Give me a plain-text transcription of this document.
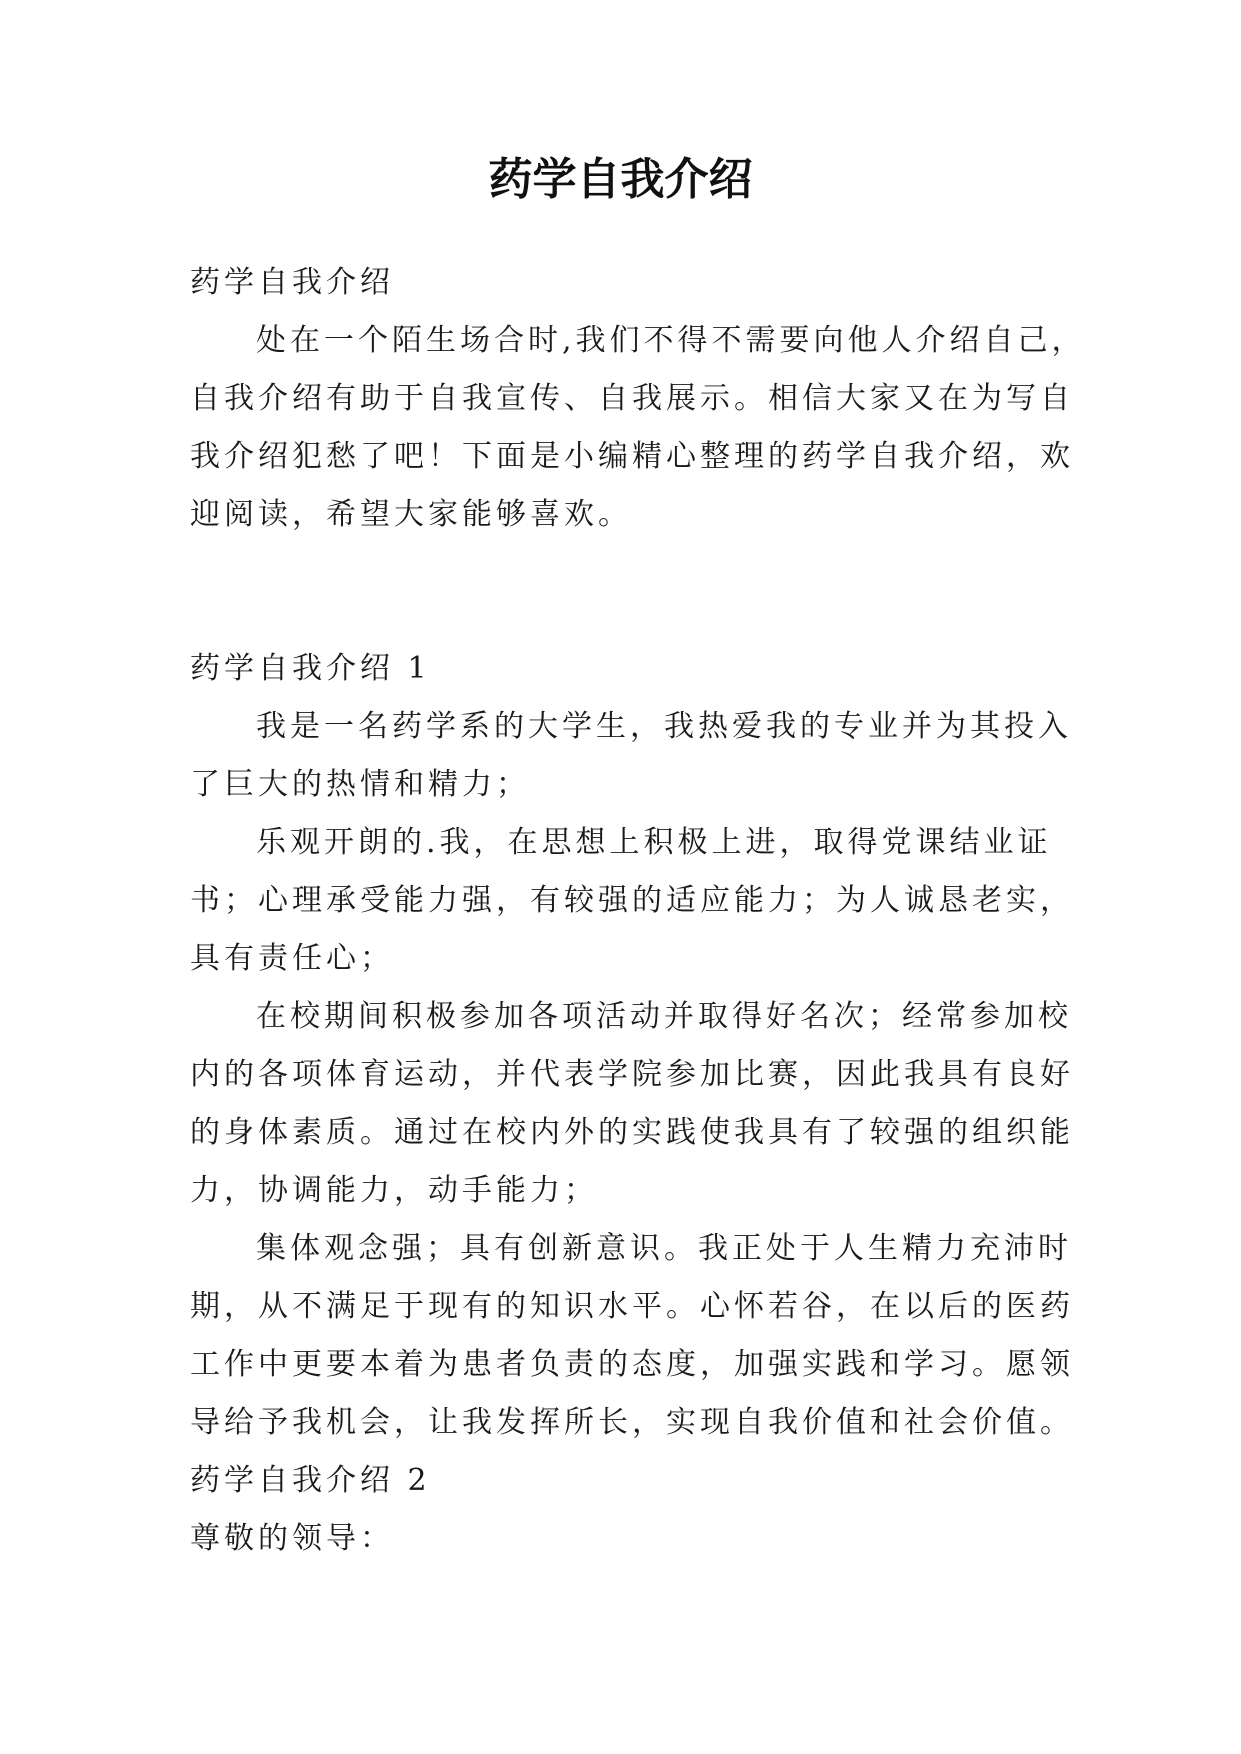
药学自我介绍
药学自我介绍
处在一个陌生场合时,我们不得不需要向他人介绍自己，
自我介绍有助于自我宣传、自我展示。相信大家又在为写自
我介绍犯愁了吧！下面是小编精心整理的药学自我介绍，欢
迎阅读，希望大家能够喜欢。
药学自我介绍 1
我是一名药学系的大学生，我热爱我的专业并为其投入
了巨大的热情和精力；
乐观开朗的.我，在思想上积极上进，取得党课结业证
书；心理承受能力强，有较强的适应能力；为人诚恳老实，
具有责任心；
在校期间积极参加各项活动并取得好名次；经常参加校
内的各项体育运动，并代表学院参加比赛，因此我具有良好
的身体素质。通过在校内外的实践使我具有了较强的组织能
力，协调能力，动手能力；
集体观念强；具有创新意识。我正处于人生精力充沛时
期，从不满足于现有的知识水平。心怀若谷，在以后的医药
工作中更要本着为患者负责的态度，加强实践和学习。愿领
导给予我机会，让我发挥所长，实现自我价值和社会价值。
药学自我介绍 2
尊敬的领导：
